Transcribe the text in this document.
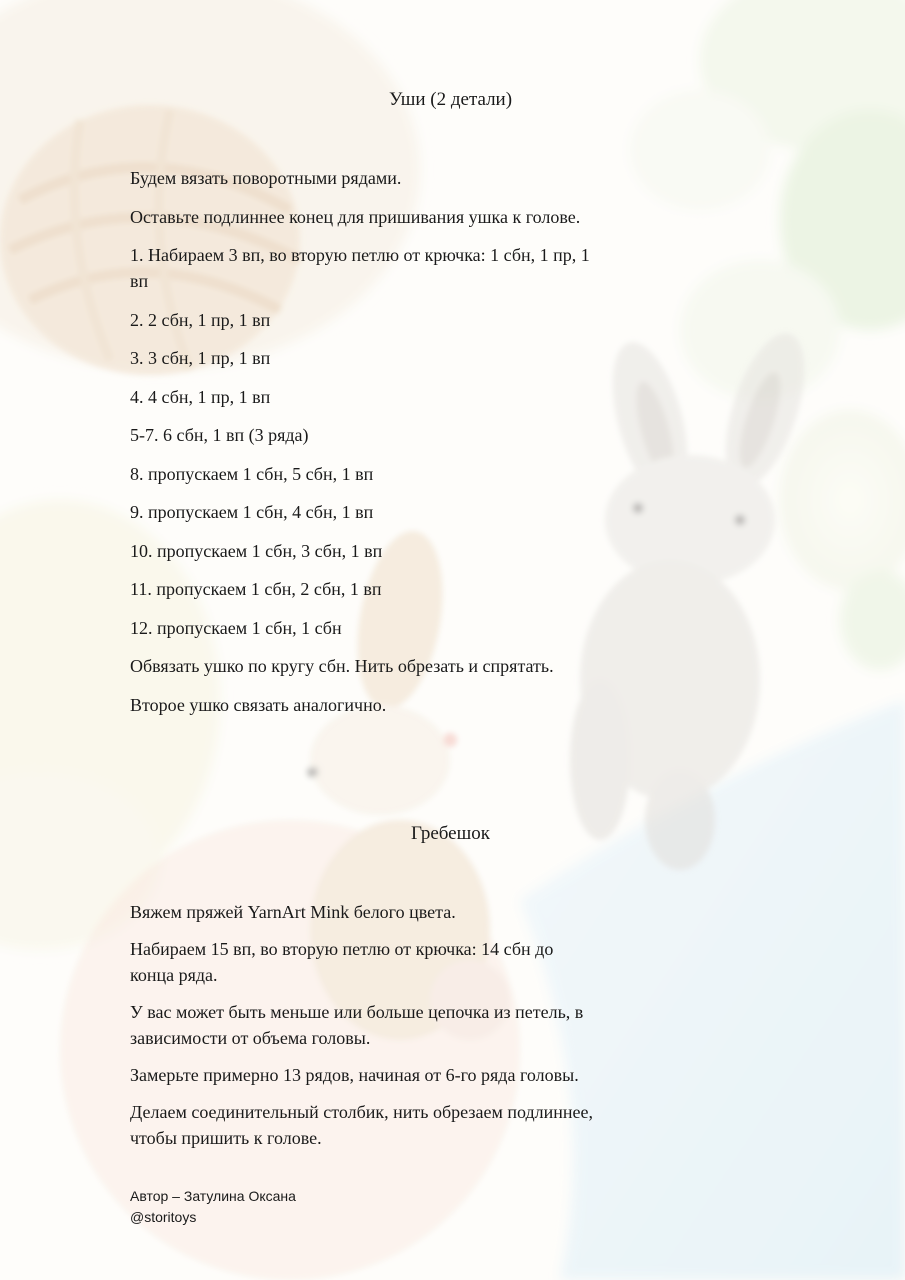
Уши (2 детали)

Будем вязать поворотными рядами.

Оставьте подлиннее конец для пришивания ушка к голове.

1. Набираем 3 вп, во вторую петлю от крючка: 1 сбн, 1 пр, 1 вп

2. 2 сбн, 1 пр, 1 вп

3. 3 сбн, 1 пр, 1 вп

4. 4 сбн, 1 пр, 1 вп

5-7. 6 сбн, 1 вп (3 ряда)

8. пропускаем 1 сбн, 5 сбн, 1 вп

9. пропускаем 1 сбн, 4 сбн, 1 вп

10. пропускаем 1 сбн, 3 сбн, 1 вп

11. пропускаем 1 сбн, 2 сбн, 1 вп

12. пропускаем 1 сбн, 1 сбн

Обвязать ушко по кругу сбн. Нить обрезать и спрятать.

Второе ушко связать аналогично.

Гребешок

Вяжем пряжей YarnArt Mink белого цвета.

Набираем 15 вп, во вторую петлю от крючка: 14 сбн до конца ряда.

У вас может быть меньше или больше цепочка из петель, в зависимости от объема головы.

Замерьте примерно 13 рядов, начиная от 6-го ряда головы.

Делаем соединительный столбик, нить обрезаем подлиннее, чтобы пришить к голове.

Автор – Затулина Оксана
@storitoys
